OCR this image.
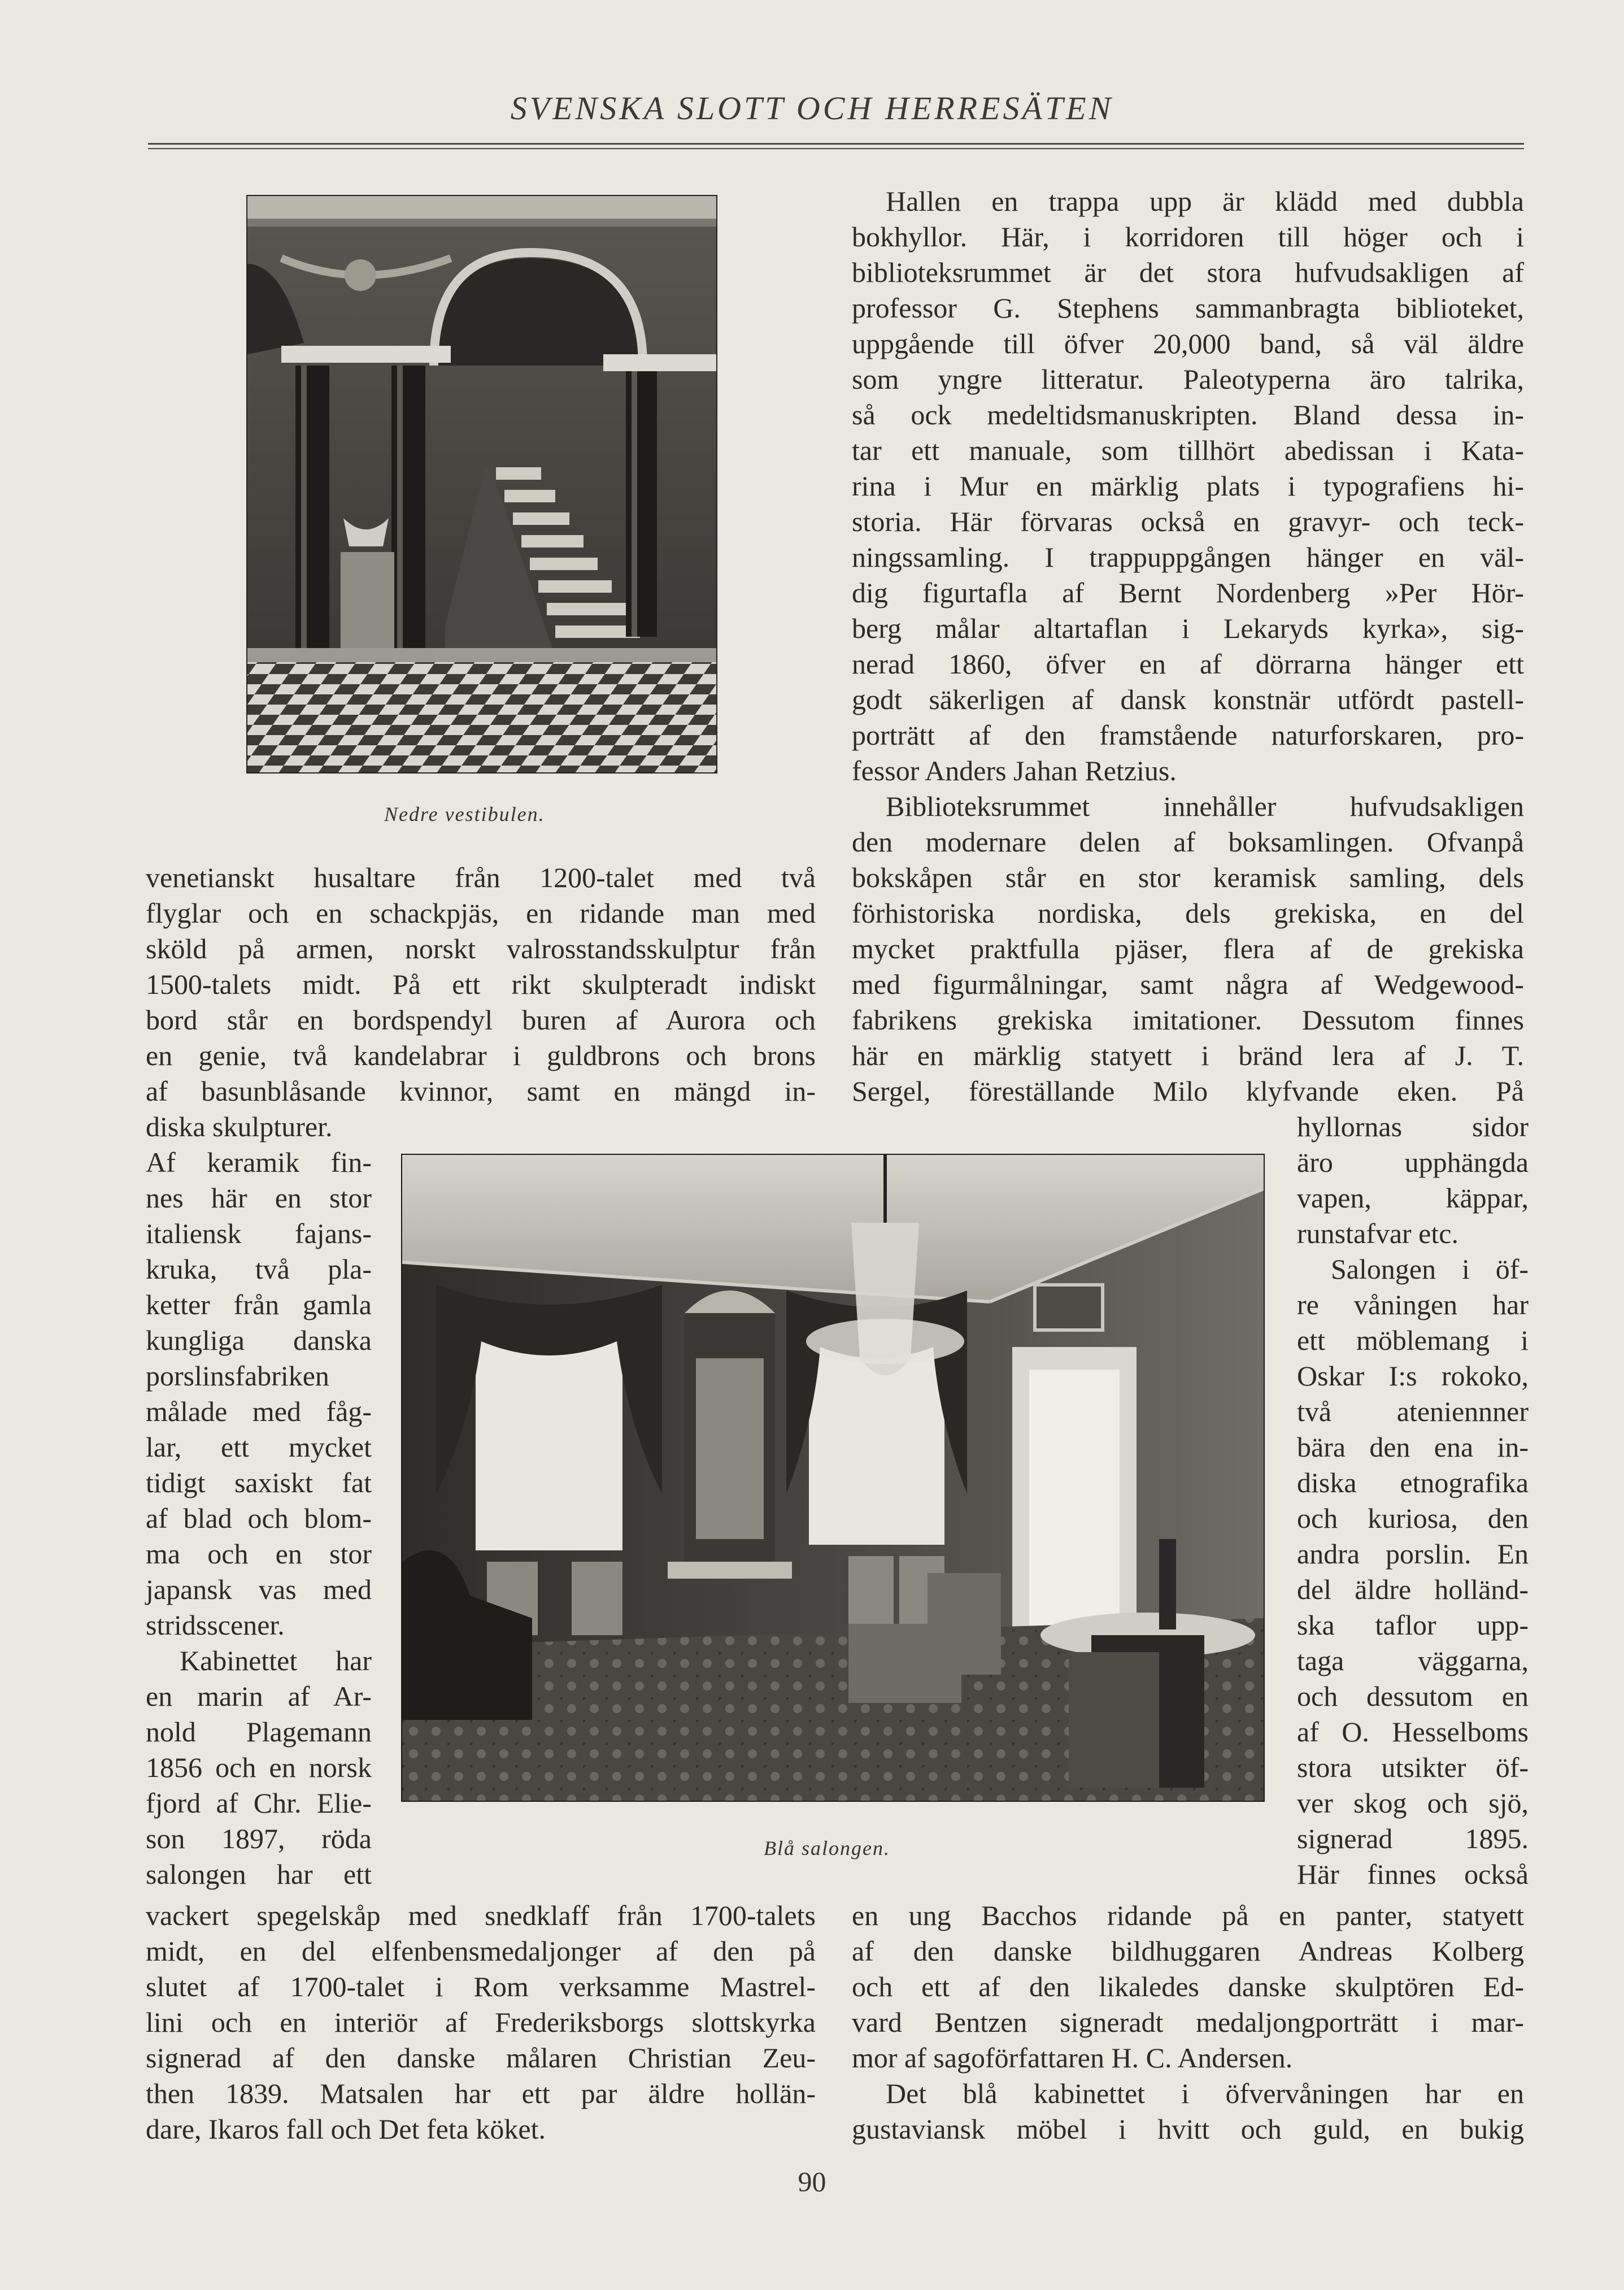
SVENSKA SLOTT OCH HERRESÄTEN
Nedre vestibulen.
Hallen en trappa upp är klädd med dubbla
bokhyllor. Här, i korridoren till höger och i
biblioteksrummet är det stora hufvudsakligen af
professor G. Stephens sammanbragta biblioteket,
uppgående till öfver 20,000 band, så väl äldre
som yngre litteratur. Paleotyperna äro talrika,
så ock medeltidsmanuskripten. Bland dessa in-
tar ett manuale, som tillhört abedissan i Kata-
rina i Mur en märklig plats i typografiens hi-
storia. Här förvaras också en gravyr- och teck-
ningssamling. I trappuppgången hänger en väl-
dig figurtafla af Bernt Nordenberg »Per Hör-
berg målar altartaflan i Lekaryds kyrka», sig-
nerad 1860, öfver en af dörrarna hänger ett
godt säkerligen af dansk konstnär utfördt pastell-
porträtt af den framstående naturforskaren, pro-
fessor Anders Jahan Retzius.
Biblioteksrummet innehåller hufvudsakligen
den modernare delen af boksamlingen. Ofvanpå
bokskåpen står en stor keramisk samling, dels
förhistoriska nordiska, dels grekiska, en del
mycket praktfulla pjäser, flera af de grekiska
med figurmålningar, samt några af Wedgewood-
fabrikens grekiska imitationer. Dessutom finnes
här en märklig statyett i bränd lera af J. T.
Sergel, föreställande Milo klyfvande eken. På
venetianskt husaltare från 1200-talet med två
flyglar och en schackpjäs, en ridande man med
sköld på armen, norskt valrosstandsskulptur från
1500-talets midt. På ett rikt skulpteradt indiskt
bord står en bordspendyl buren af Aurora och
en genie, två kandelabrar i guldbrons och brons
af basunblåsande kvinnor, samt en mängd in-
diska skulpturer.
Blå salongen.
Af keramik fin-
nes här en stor
italiensk fajans-
kruka, två pla-
ketter från gamla
kungliga danska
porslinsfabriken
målade med fåg-
lar, ett mycket
tidigt saxiskt fat
af blad och blom-
ma och en stor
japansk vas med
stridsscener.
Kabinettet har
en marin af Ar-
nold Plagemann
1856 och en norsk
fjord af Chr. Elie-
son 1897, röda
salongen har ett
hyllornas sidor
äro upphängda
vapen, käppar,
runstafvar etc.
Salongen i öf-
re våningen har
ett möblemang i
Oskar I:s rokoko,
två ateniennner
bära den ena in-
diska etnografika
och kuriosa, den
andra porslin. En
del äldre holländ-
ska taflor upp-
taga väggarna,
och dessutom en
af O. Hesselboms
stora utsikter öf-
ver skog och sjö,
signerad 1895.
Här finnes också
vackert spegelskåp med snedklaff från 1700-talets
midt, en del elfenbensmedaljonger af den på
slutet af 1700-talet i Rom verksamme Mastrel-
lini och en interiör af Frederiksborgs slottskyrka
signerad af den danske målaren Christian Zeu-
then 1839. Matsalen har ett par äldre hollän-
dare, Ikaros fall och Det feta köket.
en ung Bacchos ridande på en panter, statyett
af den danske bildhuggaren Andreas Kolberg
och ett af den likaledes danske skulptören Ed-
vard Bentzen signeradt medaljongporträtt i mar-
mor af sagoförfattaren H. C. Andersen.
Det blå kabinettet i öfvervåningen har en
gustaviansk möbel i hvitt och guld, en bukig
90
